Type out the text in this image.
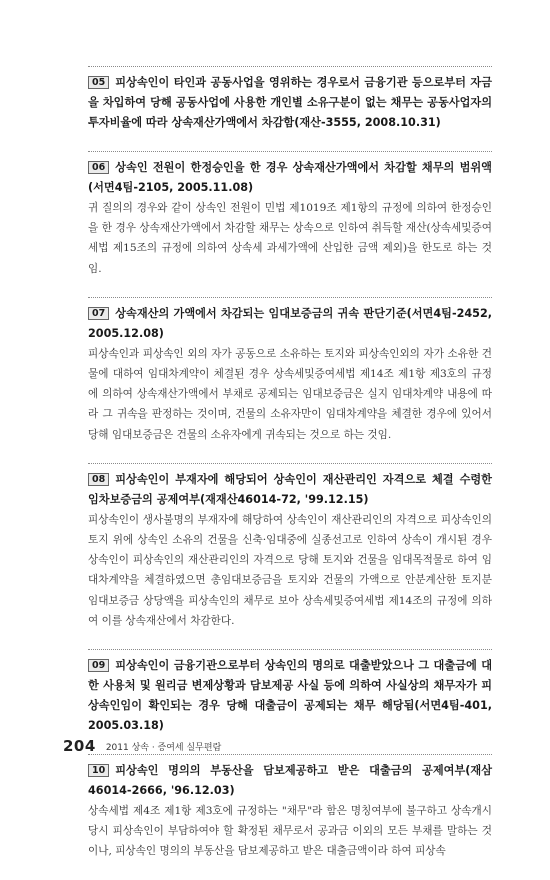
05 피상속인이 타인과 공동사업을 영위하는 경우로서 금융기관 등으로부터 자금을 차입하여 당해 공동사업에 사용한 개인별 소유구분이 없는 채무는 공동사업자의 투자비율에 따라 상속재산가액에서 차감함(재산-3555, 2008.10.31)
06 상속인 전원이 한정승인을 한 경우 상속재산가액에서 차감할 채무의 범위액(서면4팀-2105, 2005.11.08)

귀 질의의 경우와 같이 상속인 전원이 민법 제1019조 제1항의 규정에 의하여 한정승인을 한 경우 상속재산가액에서 차감할 채무는 상속으로 인하여 취득할 재산(상속세및증여세법 제15조의 규정에 의하여 상속세 과세가액에 산입한 금액 제외)을 한도로 하는 것임.

07 상속재산의 가액에서 차감되는 임대보증금의 귀속 판단기준(서면4팀-2452, 2005.12.08)

피상속인과 피상속인 외의 자가 공동으로 소유하는 토지와 피상속인외의 자가 소유한 건물에 대하여 임대차계약이 체결된 경우 상속세및증여세법 제14조 제1항 제3호의 규정에 의하여 상속재산가액에서 부채로 공제되는 임대보증금은 실지 임대차계약 내용에 따라 그 귀속을 판정하는 것이며, 건물의 소유자만이 임대차계약을 체결한 경우에 있어서 당해 임대보증금은 건물의 소유자에게 귀속되는 것으로 하는 것임.

08 피상속인이 부재자에 해당되어 상속인이 재산관리인 자격으로 체결 수령한 임차보증금의 공제여부(재재산46014-72, '99.12.15)

피상속인이 생사불명의 부재자에 해당하여 상속인이 재산관리인의 자격으로 피상속인의 토지 위에 상속인 소유의 건물을 신축·임대중에 실종선고로 인하여 상속이 개시된 경우 상속인이 피상속인의 재산관리인의 자격으로 당해 토지와 건물을 임대목적물로 하여 임대차계약을 체결하였으면 총임대보증금을 토지와 건물의 가액으로 안분계산한 토지분 임대보증금 상당액을 피상속인의 채무로 보아 상속세및증여세법 제14조의 규정에 의하여 이를 상속재산에서 차감한다.

09 피상속인이 금융기관으로부터 상속인의 명의로 대출받았으나 그 대출금에 대한 사용처 및 원리금 변제상황과 담보제공 사실 등에 의하여 사실상의 채무자가 피상속인임이 확인되는 경우 당해 대출금이 공제되는 채무 해당됨(서면4팀-401, 2005.03.18)
10 피상속인 명의의 부동산을 담보제공하고 받은 대출금의 공제여부(재삼 46014-2666, '96.12.03)

상속세법 제4조 제1항 제3호에 규정하는 "채무"라 함은 명칭여부에 불구하고 상속개시 당시 피상속인이 부담하여야 할 확정된 채무로서 공과금 이외의 모든 부채를 말하는 것이나, 피상속인 명의의 부동산을 담보제공하고 받은 대출금액이라 하여 피상속

204 2011 상속 · 증여세 실무편람
